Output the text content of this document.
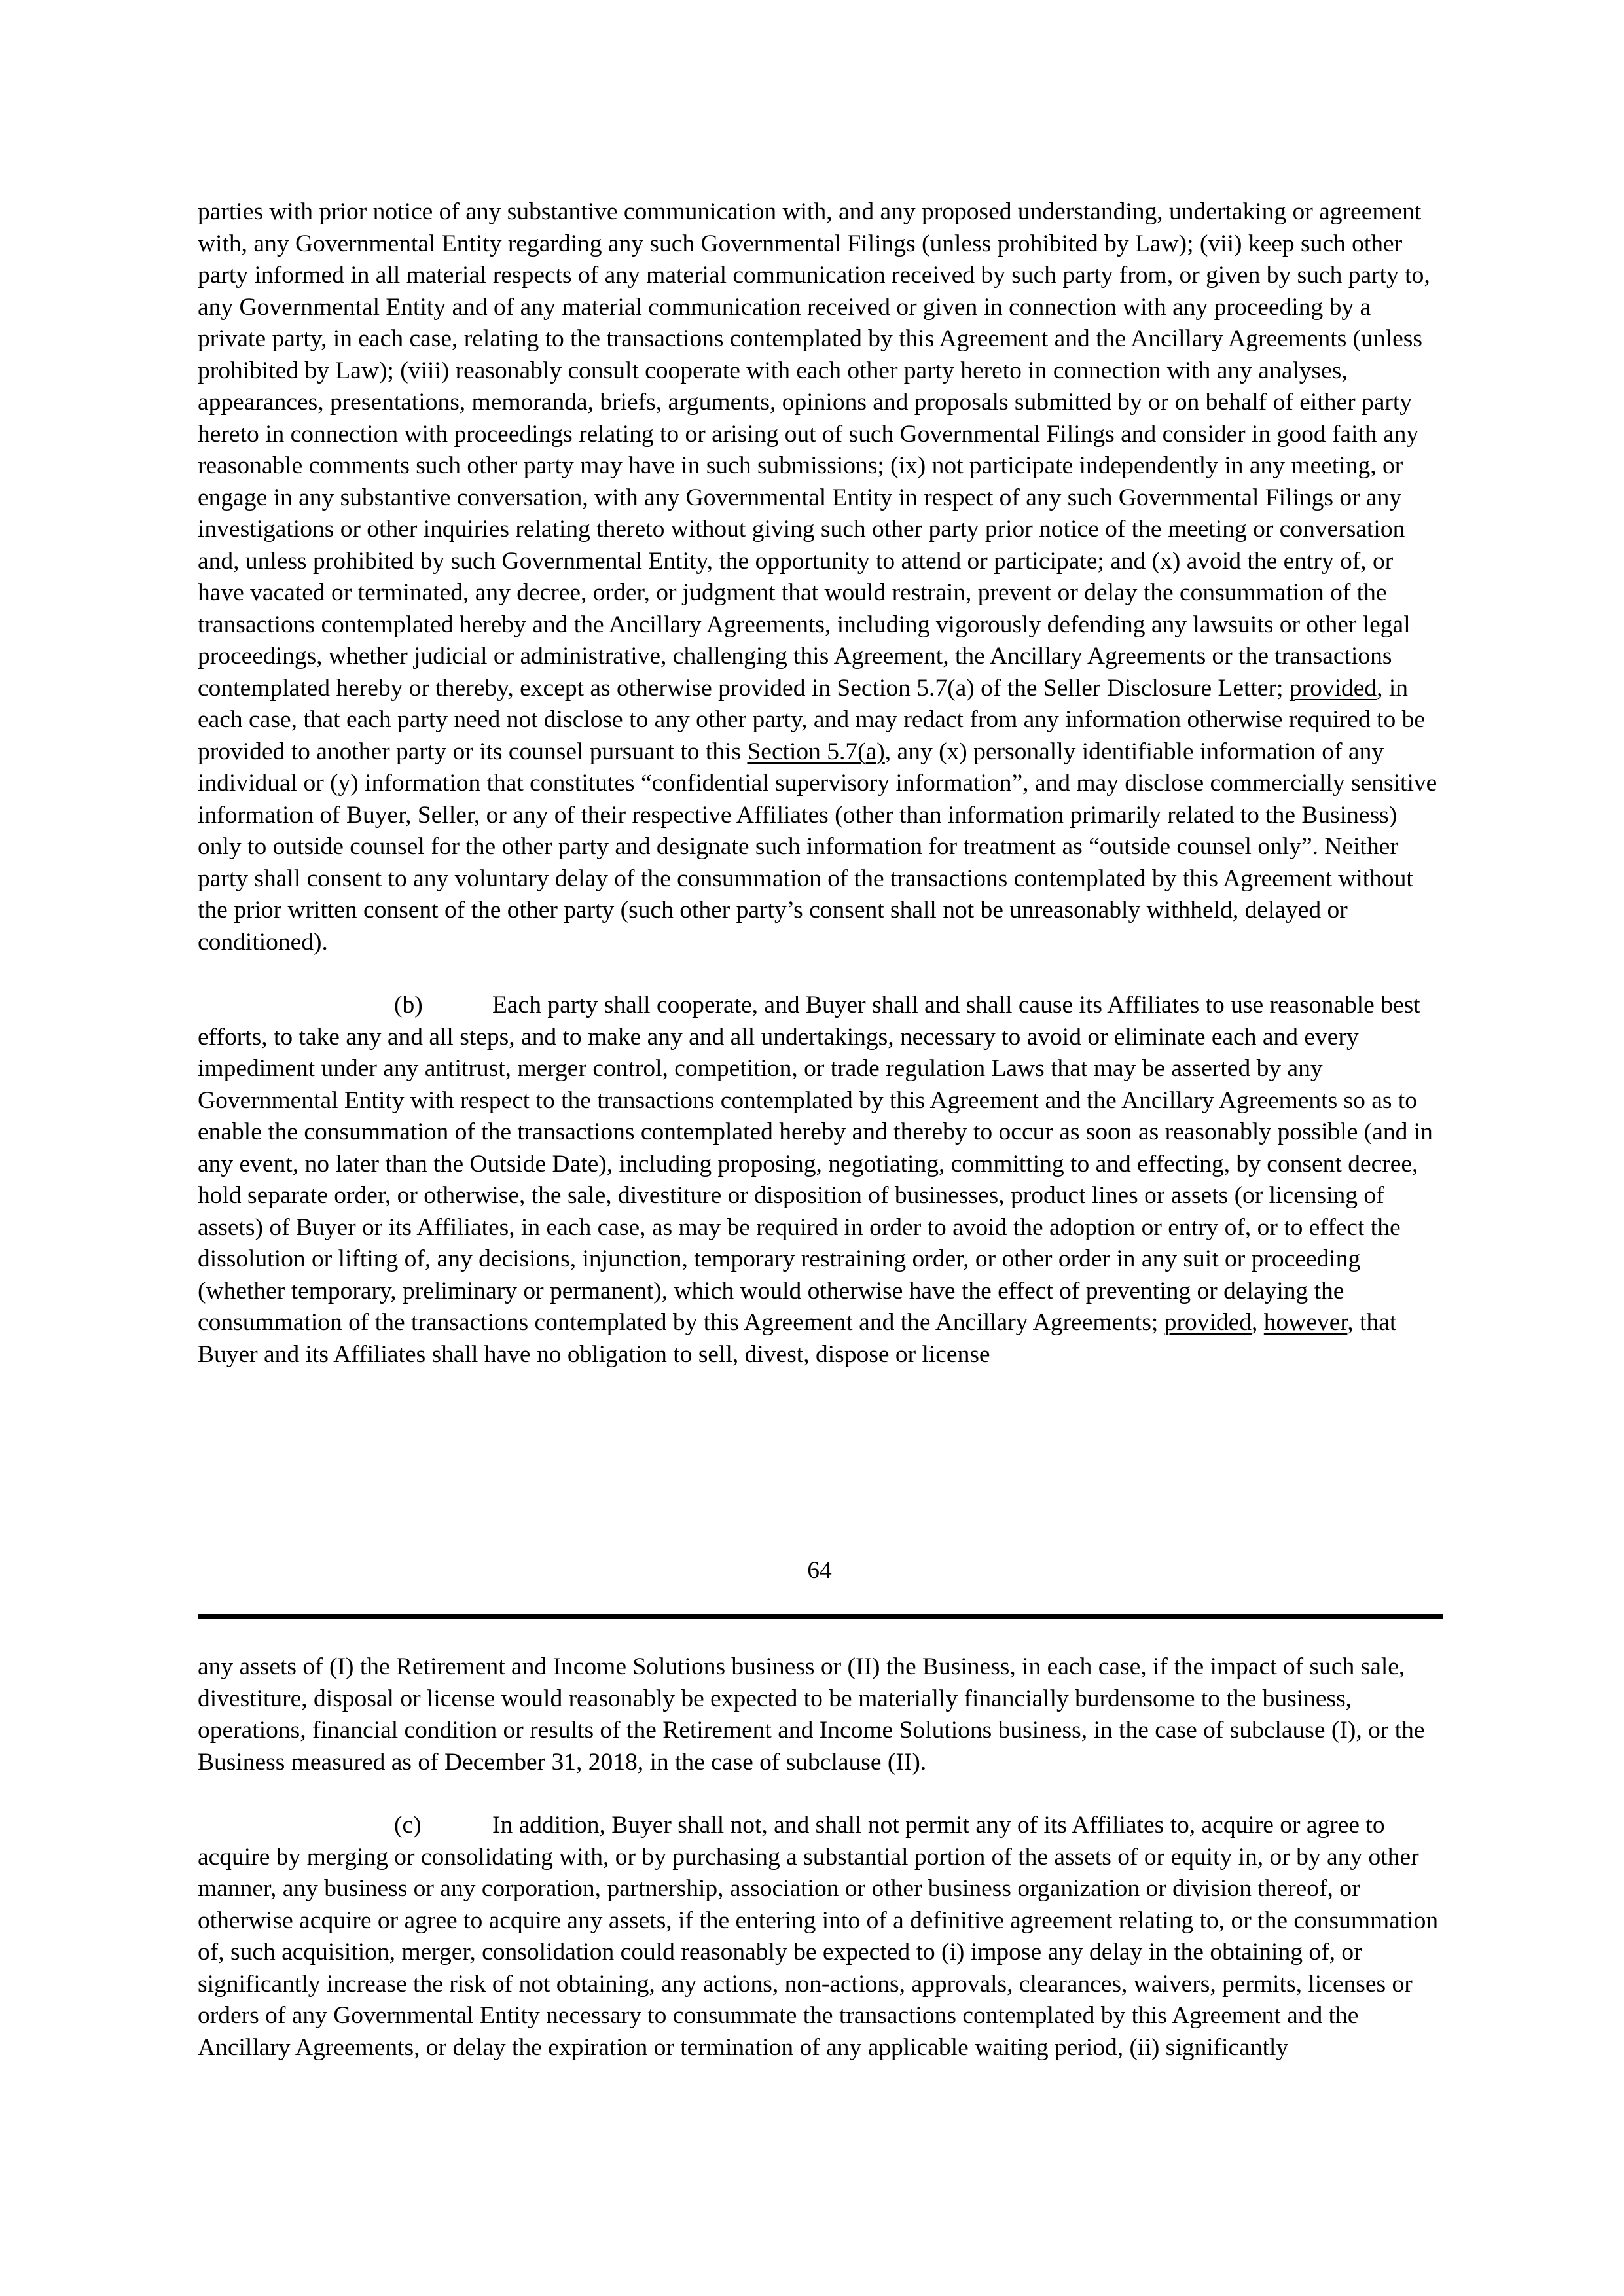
parties with prior notice of any substantive communication with, and any proposed understanding, undertaking or agreement with, any Governmental Entity regarding any such Governmental Filings (unless prohibited by Law); (vii) keep such other party informed in all material respects of any material communication received by such party from, or given by such party to, any Governmental Entity and of any material communication received or given in connection with any proceeding by a private party, in each case, relating to the transactions contemplated by this Agreement and the Ancillary Agreements (unless prohibited by Law); (viii) reasonably consult cooperate with each other party hereto in connection with any analyses, appearances, presentations, memoranda, briefs, arguments, opinions and proposals submitted by or on behalf of either party hereto in connection with proceedings relating to or arising out of such Governmental Filings and consider in good faith any reasonable comments such other party may have in such submissions; (ix) not participate independently in any meeting, or engage in any substantive conversation, with any Governmental Entity in respect of any such Governmental Filings or any investigations or other inquiries relating thereto without giving such other party prior notice of the meeting or conversation and, unless prohibited by such Governmental Entity, the opportunity to attend or participate; and (x) avoid the entry of, or have vacated or terminated, any decree, order, or judgment that would restrain, prevent or delay the consummation of the transactions contemplated hereby and the Ancillary Agreements, including vigorously defending any lawsuits or other legal proceedings, whether judicial or administrative, challenging this Agreement, the Ancillary Agreements or the transactions contemplated hereby or thereby, except as otherwise provided in Section 5.7(a) of the Seller Disclosure Letter; provided, in each case, that each party need not disclose to any other party, and may redact from any information otherwise required to be provided to another party or its counsel pursuant to this Section 5.7(a), any (x) personally identifiable information of any individual or (y) information that constitutes “confidential supervisory information”, and may disclose commercially sensitive information of Buyer, Seller, or any of their respective Affiliates (other than information primarily related to the Business) only to outside counsel for the other party and designate such information for treatment as “outside counsel only”. Neither party shall consent to any voluntary delay of the consummation of the transactions contemplated by this Agreement without the prior written consent of the other party (such other party’s consent shall not be unreasonably withheld, delayed or conditioned).

(b)	Each party shall cooperate, and Buyer shall and shall cause its Affiliates to use reasonable best efforts, to take any and all steps, and to make any and all undertakings, necessary to avoid or eliminate each and every impediment under any antitrust, merger control, competition, or trade regulation Laws that may be asserted by any Governmental Entity with respect to the transactions contemplated by this Agreement and the Ancillary Agreements so as to enable the consummation of the transactions contemplated hereby and thereby to occur as soon as reasonably possible (and in any event, no later than the Outside Date), including proposing, negotiating, committing to and effecting, by consent decree, hold separate order, or otherwise, the sale, divestiture or disposition of businesses, product lines or assets (or licensing of assets) of Buyer or its Affiliates, in each case, as may be required in order to avoid the adoption or entry of, or to effect the dissolution or lifting of, any decisions, injunction, temporary restraining order, or other order in any suit or proceeding (whether temporary, preliminary or permanent), which would otherwise have the effect of preventing or delaying the consummation of the transactions contemplated by this Agreement and the Ancillary Agreements; provided, however, that Buyer and its Affiliates shall have no obligation to sell, divest, dispose or license

64

any assets of (I) the Retirement and Income Solutions business or (II) the Business, in each case, if the impact of such sale, divestiture, disposal or license would reasonably be expected to be materially financially burdensome to the business, operations, financial condition or results of the Retirement and Income Solutions business, in the case of subclause (I), or the Business measured as of December 31, 2018, in the case of subclause (II).

(c)	In addition, Buyer shall not, and shall not permit any of its Affiliates to, acquire or agree to acquire by merging or consolidating with, or by purchasing a substantial portion of the assets of or equity in, or by any other manner, any business or any corporation, partnership, association or other business organization or division thereof, or otherwise acquire or agree to acquire any assets, if the entering into of a definitive agreement relating to, or the consummation of, such acquisition, merger, consolidation could reasonably be expected to (i) impose any delay in the obtaining of, or significantly increase the risk of not obtaining, any actions, non-actions, approvals, clearances, waivers, permits, licenses or orders of any Governmental Entity necessary to consummate the transactions contemplated by this Agreement and the Ancillary Agreements, or delay the expiration or termination of any applicable waiting period, (ii) significantly
